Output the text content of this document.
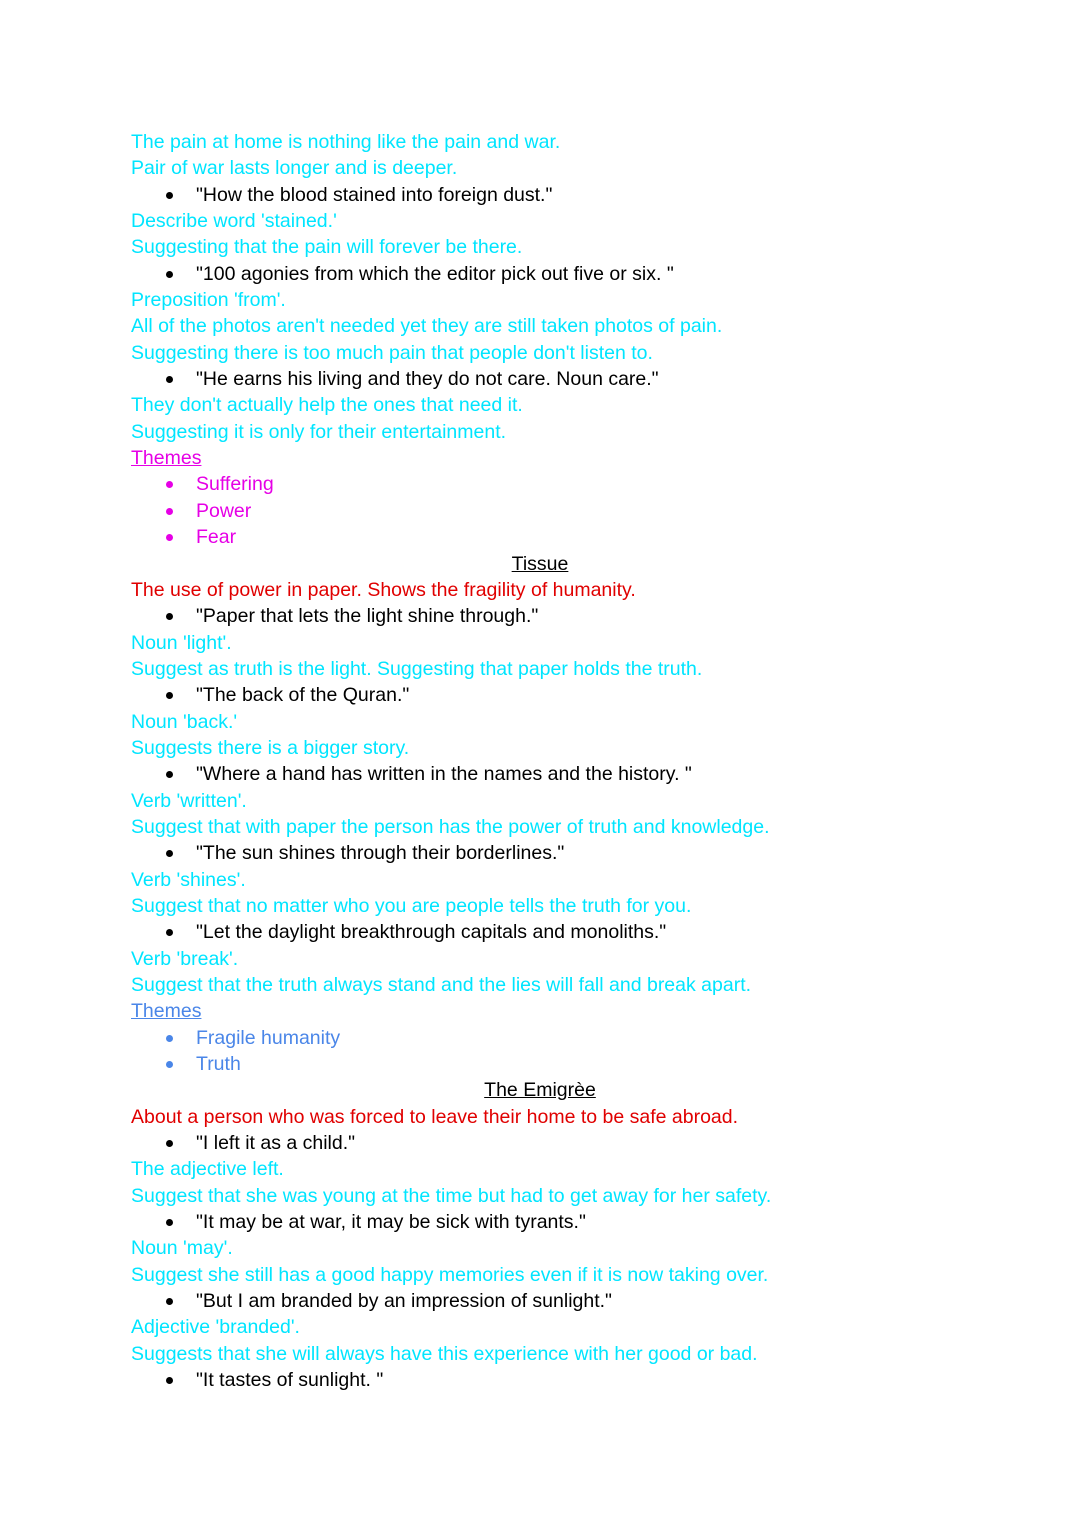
The pain at home is nothing like the pain and war.
Pair of war lasts longer and is deeper.
"How the blood stained into foreign dust."
Describe word 'stained.'
Suggesting that the pain will forever be there.
"100 agonies from which the editor pick out five or six. "
Preposition 'from'.
All of the photos aren't needed yet they are still taken photos of pain.
Suggesting there is too much pain that people don't listen to.
"He earns his living and they do not care. Noun care."
They don't actually help the ones that need it.
Suggesting it is only for their entertainment.
Themes
Suffering
Power
Fear
Tissue
The use of power in paper. Shows the fragility of humanity.
"Paper that lets the light shine through."
Noun 'light'.
Suggest as truth is the light. Suggesting that paper holds the truth.
"The back of the Quran."
Noun 'back.'
Suggests there is a bigger story.
"Where a hand has written in the names and the history. "
Verb 'written'.
Suggest that with paper the person has the power of truth and knowledge.
"The sun shines through their borderlines."
Verb 'shines'.
Suggest that no matter who you are people tells the truth for you.
"Let the daylight breakthrough capitals and monoliths."
Verb 'break'.
Suggest that the truth always stand and the lies will fall and break apart.
Themes
Fragile humanity
Truth
The Emigrèe
About a person who was forced to leave their home to be safe abroad.
"I left it as a child."
The adjective left.
Suggest that she was young at the time but had to get away for her safety.
"It may be at war, it may be sick with tyrants."
Noun 'may'.
Suggest she still has a good happy memories even if it is now taking over.
"But I am branded by an impression of sunlight."
Adjective 'branded'.
Suggests that she will always have this experience with her good or bad.
"It tastes of sunlight. "
